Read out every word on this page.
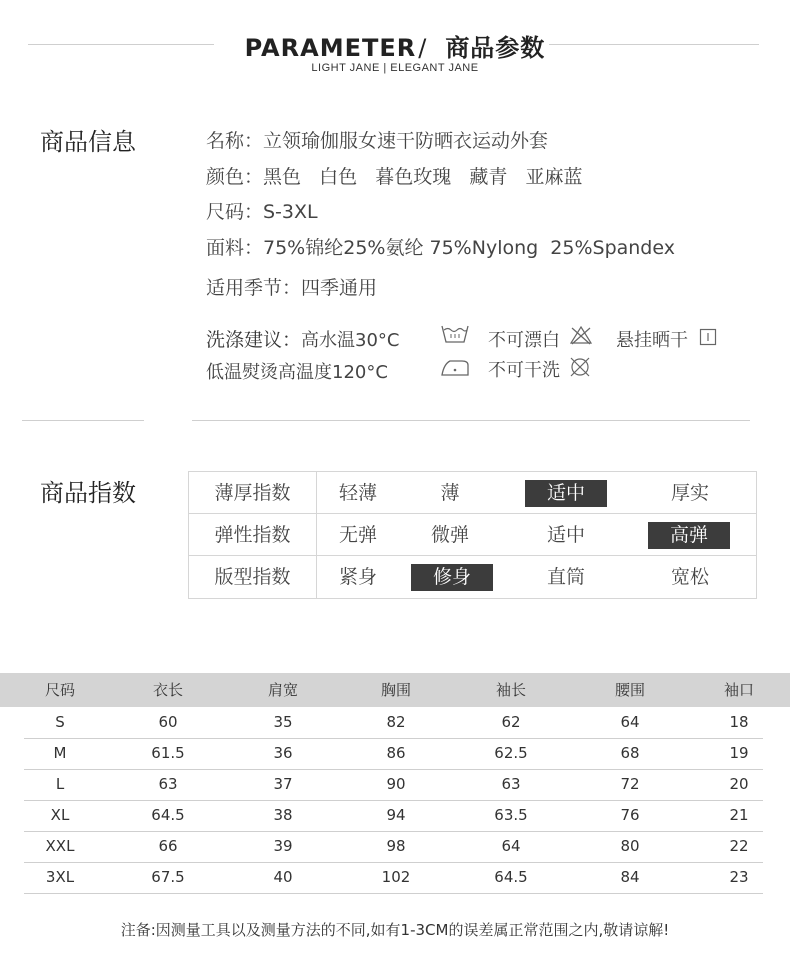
PARAMETER/ 商品参数
LIGHT JANE | ELEGANT JANE
商品信息	名称：立领瑜伽服女速干防晒衣运动外套
颜色：黑色   白色   暮色玫瑰   藏青   亚麻蓝
尺码：S-3XL
面料：75%锦纶25%氨纶 75%Nylong  25%Spandex
适用季节：四季通用
洗涤建议：高水温30°C
低温熨烫高温度120°C
不可漂白	悬挂晒干
不可干洗
商品指数	薄厚指数	轻薄	薄	适中	厚实
弹性指数	无弹	微弹	适中	高弹
版型指数	紧身	修身	直筒	宽松
尺码	衣长	肩宽	胸围	袖长	腰围	袖口
S	60	35	82	62	64	18
M	61.5	36	86	62.5	68	19
L	63	37	90	63	72	20
XL	64.5	38	94	63.5	76	21
XXL	66	39	98	64	80	22
3XL	67.5	40	102	64.5	84	23
注备:因测量工具以及测量方法的不同,如有1-3CM的误差属正常范围之内,敬请谅解!
